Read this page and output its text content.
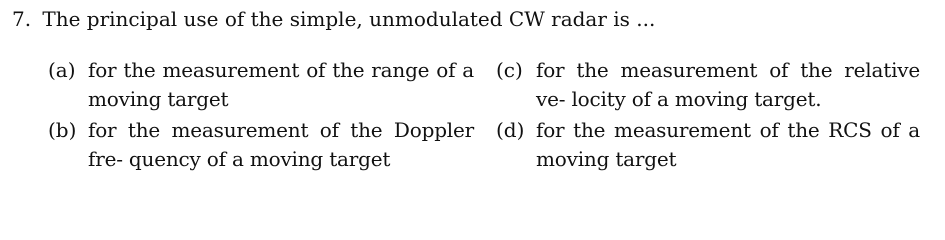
7. The principal use of the simple, unmodulated CW radar is ...
(a) for the measurement of the range of a moving target
(b) for the measurement of the Doppler fre- quency of a moving target
(c) for the measurement of the relative ve- locity of a moving target.
(d) for the measurement of the RCS of a moving target
